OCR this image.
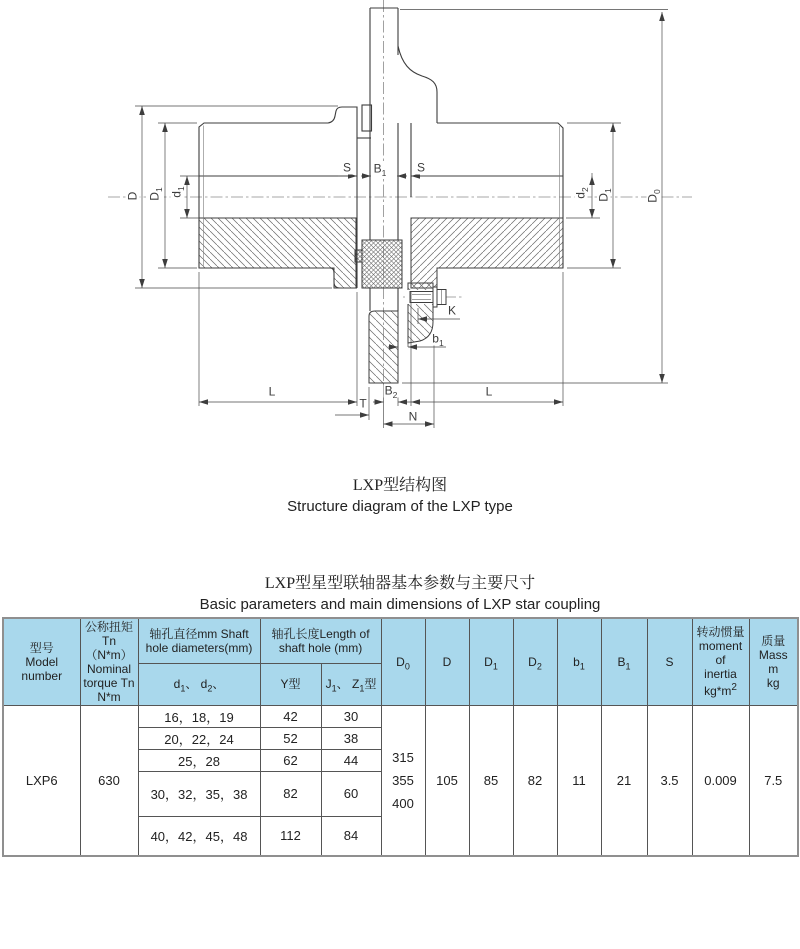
S $B_1$	S
D $D_1$
$d_1$
$d_2$
$D_1$
$D_0$
K
$b_1$
L	L
T
$B_2$
N
LXP型结构图
Structure diagram of the LXP type
LXP型星型联轴器基本参数与主要尺寸
Basic parameters and main dimensions of LXP star coupling
型号
Model
number	公称扭矩
Tn（N*m）
Nominal
torque Tn
N*m	轴孔直径mm Shaft
hole diameters(mm)	轴孔长度Length of
shaft hole (mm)		$D_0$	D	$D_1$	$D_2$	$b_1$	$B_1$	S	转动惯量
moment
of
inertia
$kg*m^2$	质量
Mass
m
kg
		$d_1$、 $d_2$、	Y型	$J_1$、 $Z_1$型									
LXP6	630	16，18，19	42	30	315
355
400	105	85	82	11	21	3.5	0.009	7.5
		20，22，24	52	38									
		25，28	62	44									
		30，32，35，38	82	60									
		40，42，45，48	112	84									
